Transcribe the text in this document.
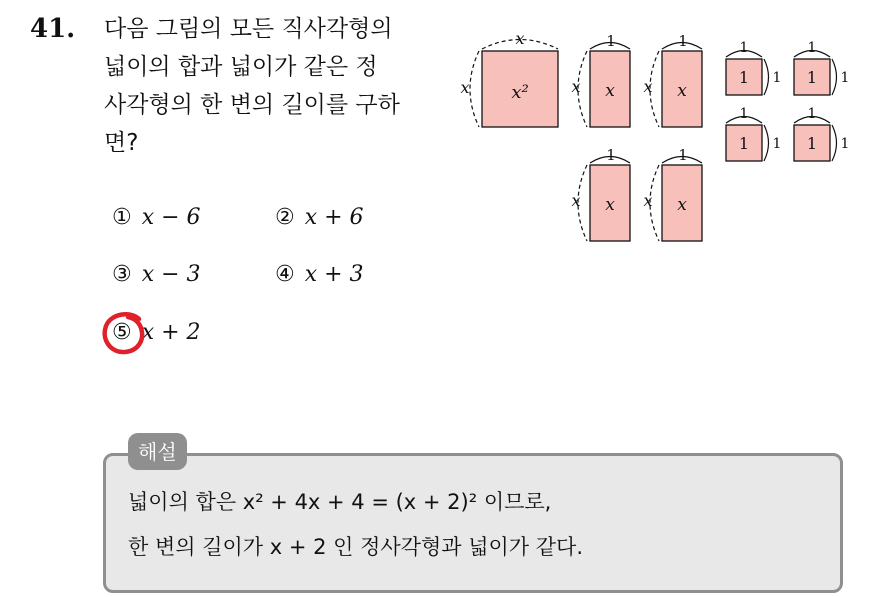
41. 다음 그림의 모든 직사각형의
넓이의 합과 넓이가 같은 정
사각형의 한 변의 길이를 구하
면?
x
x x²
1
x x
1
x x
1
x x
1
x x
1
1
1
1
1
1
1
1
1
1
1
1
① x − 6	② x + 6
③ x − 3	④ x + 3
⑤ x + 2
해설
넓이의 합은 x² + 4x + 4 = (x + 2)² 이므로,
한 변의 길이가 x + 2 인 정사각형과 넓이가 같다.
